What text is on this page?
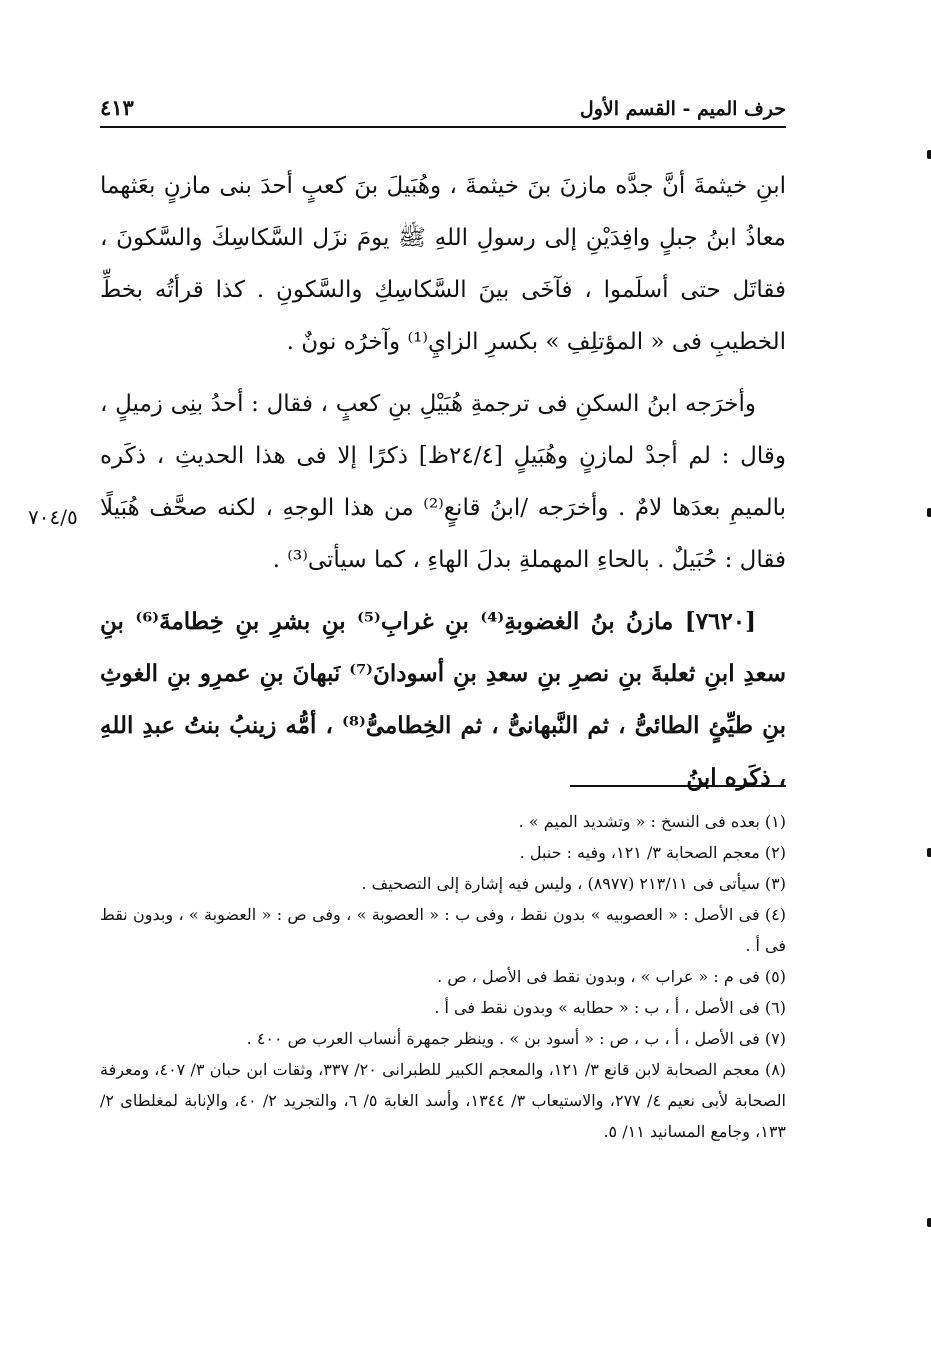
حرف الميم - القسم الأول
٤١٣

ابنِ خيثمةَ أنَّ جدَّه مازنَ بنَ خيثمةَ ، وهُبَيلَ بنَ كعبٍ أحدَ بنى مازنٍ بعَثهما معاذُ ابنُ جبلٍ وافِدَيْنِ إلى رسولِ اللهِ ﷺ يومَ نزَل السَّكاسِكَ والسَّكونَ ، فقاتَل حتى أسلَموا ، فآخَى بينَ السَّكاسِكِ والسَّكونِ . كذا قرأتُه بخطِّ الخطيبِ فى « المؤتلِفِ » بكسرِ الزايِ⁽¹⁾ وآخرُه نونٌ .

وأخرَجه ابنُ السكنِ فى ترجمةِ هُبَيْلِ بنِ كعبٍ ، فقال : أحدُ بنِى زميلٍ ، وقال : لم أجدْ لمازنٍ وهُبَيلٍ [٢٤/٤ظ] ذكرًا إلا فى هذا الحديثِ ، ذكَره بالميمِ بعدَها لامٌ . وأخرَجه /ابنُ قانعٍ⁽²⁾ من هذا الوجهِ ، لكنه صحَّف هُبَيلًا فقال : حُبَيلٌ . بالحاءِ المهملةِ بدلَ الهاءِ ، كما سيأتى⁽³⁾ .

[٧٦٢٠] مازنُ بنُ الغضوبةِ⁽⁴⁾ بنِ غرابِ⁽⁵⁾ بنِ بشرِ بنِ خِطامةَ⁽⁶⁾ بنِ سعدِ ابنِ ثعلبةَ بنِ نصرِ بنِ سعدِ بنِ أسودانَ⁽⁷⁾ نَبهانَ بنِ عمرِو بنِ الغوثِ بنِ طيِّئٍ الطائىُّ ، ثم النَّبهانىُّ ، ثم الخِطامىُّ⁽⁸⁾ ، أمُّه زينبُ بنتُ عبدِ اللهِ ، ذكَره ابنُ

٧٠٤/٥

(١) بعده فى النسخ : « وتشديد الميم » .

(٢) معجم الصحابة ٣/ ١٢١، وفيه : حنبل .

(٣) سيأتى فى ٢١٣/١١ (٨٩٧٧) ، وليس فيه إشارة إلى التصحيف .

(٤) فى الأصل : « العصوبيه » بدون نقط ، وفى ب : « العصوبة » ، وفى ص : « العضوبة » ، وبدون نقط فى أ .

(٥) فى م : « عراب » ، وبدون نقط فى الأصل ، ص .

(٦) فى الأصل ، أ ، ب : « حطابه » وبدون نقط فى أ .

(٧) فى الأصل ، أ ، ب ، ص : « أسود بن » . وينظر جمهرة أنساب العرب ص ٤٠٠ .

(٨) معجم الصحابة لابن قانع ٣/ ١٢١، والمعجم الكبير للطبرانى ٢٠/ ٣٣٧، وثقات ابن حبان ٣/ ٤٠٧، ومعرفة الصحابة لأبى نعيم ٤/ ٢٧٧، والاستيعاب ٣/ ١٣٤٤، وأسد الغابة ٥/ ٦، والتجريد ٢/ ٤٠، والإنابة لمغلطاى ٢/ ١٣٣، وجامع المسانيد ١١/ ٥.
